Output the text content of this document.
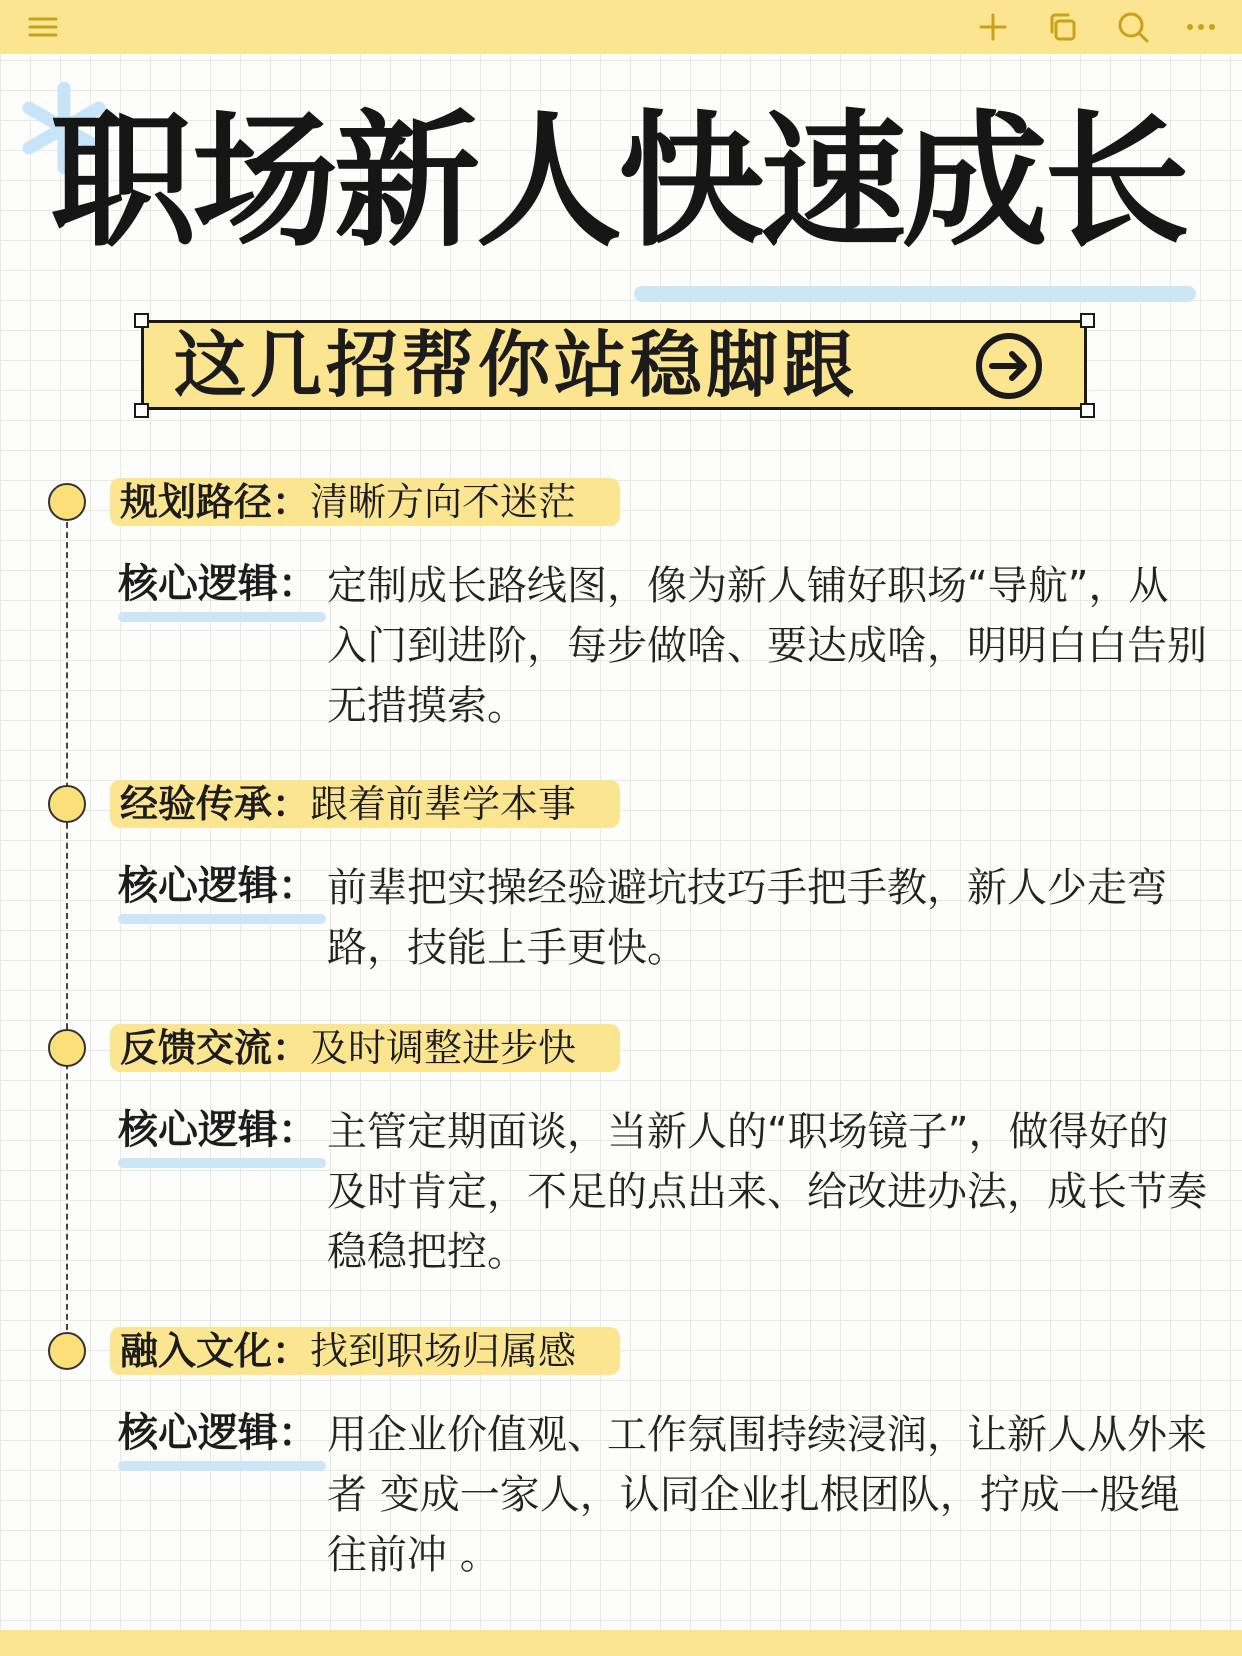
职场新人快速成长
这几招帮你站稳脚跟
规划路径：清晰方向不迷茫
核心逻辑： 定制成长路线图，像为新人铺好职场“导航”，从入门到进阶，每步做啥、要达成啥，明明白白告别无措摸索。
经验传承：跟着前辈学本事
核心逻辑： 前辈把实操经验避坑技巧手把手教，新人少走弯路，技能上手更快。
反馈交流：及时调整进步快
核心逻辑： 主管定期面谈，当新人的“职场镜子”，做得好的及时肯定，不足的点出来、给改进办法，成长节奏稳稳把控。
融入文化：找到职场归属感
核心逻辑： 用企业价值观、工作氛围持续浸润，让新人从外来者 变成一家人，认同企业扎根团队，拧成一股绳往前冲 。
